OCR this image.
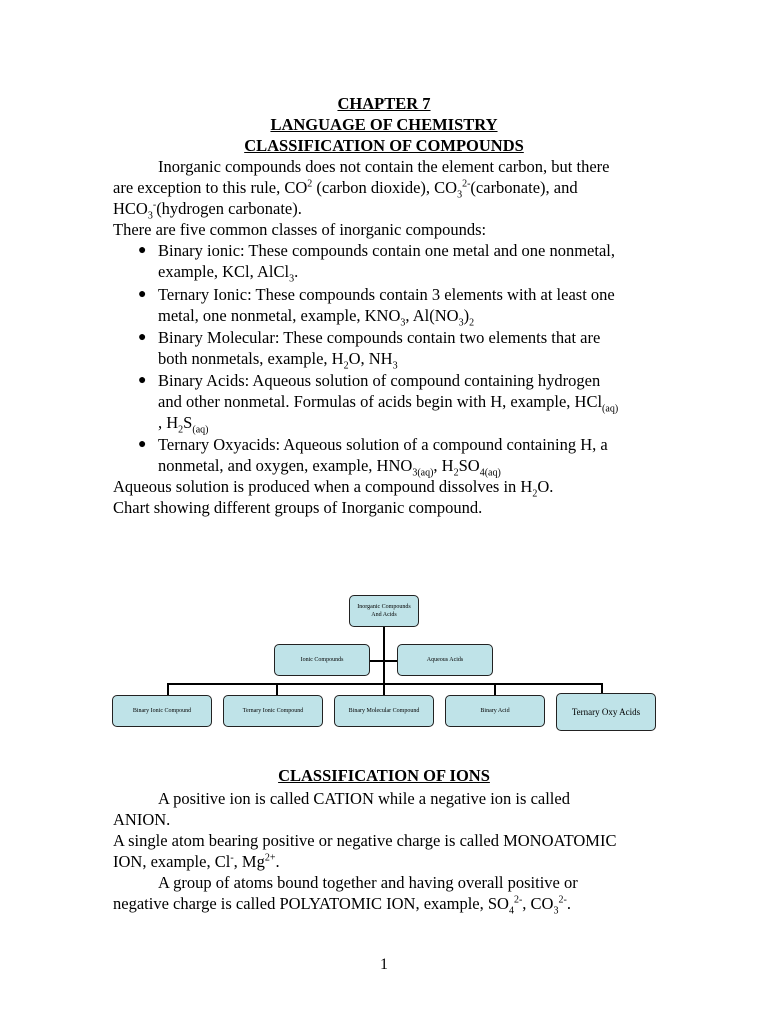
CHAPTER 7
LANGUAGE OF CHEMISTRY
CLASSIFICATION OF COMPOUNDS
Inorganic compounds does not contain the element carbon, but there
are exception to this rule, $CO^2$ (carbon dioxide), $CO_3^{2-}(carbonate)$, and
$HCO_3^-(hydrogen$ carbonate).
There are five common classes of inorganic compounds:
● Binary ionic: These compounds contain one metal and one nonmetal,
example, KCl, AlCl$_3$.
● Ternary Ionic: These compounds contain 3 elements with at least one
metal, one nonmetal, example, $KNO_3$, $Al(NO_3)_2$
● Binary Molecular: These compounds contain two elements that are
both nonmetals, example, $H_2O$, $NH_3$
● Binary Acids: Aqueous solution of compound containing hydrogen
and other nonmetal. Formulas of acids begin with H, example, HCl$_{(aq)}$
, $H_2S_{(aq)}$
● Ternary Oxyacids: Aqueous solution of a compound containing H, a
nonmetal, and oxygen, example, $HNO_{3(aq)}$, $H_2SO_{4(aq)}$
Aqueous solution is produced when a compound dissolves in $H_2O$.
Chart showing different groups of Inorganic compound.
Inorganic Compounds And Acids
Ionic Compounds	Aqueous Acids
Binary Ionic Compound	Ternary Ionic Compound	Binary Molecular Compound	Binary Acid	Ternary Oxy Acids
CLASSIFICATION OF IONS
A positive ion is called CATION while a negative ion is called
ANION.
A single atom bearing positive or negative charge is called MONOATOMIC
ION, example, Cl-, $Mg^{2+}$.
A group of atoms bound together and having overall positive or
negative charge is called POLYATOMIC ION, example, $SO_4^{2-}$, $CO_3^{2-}$.
1
